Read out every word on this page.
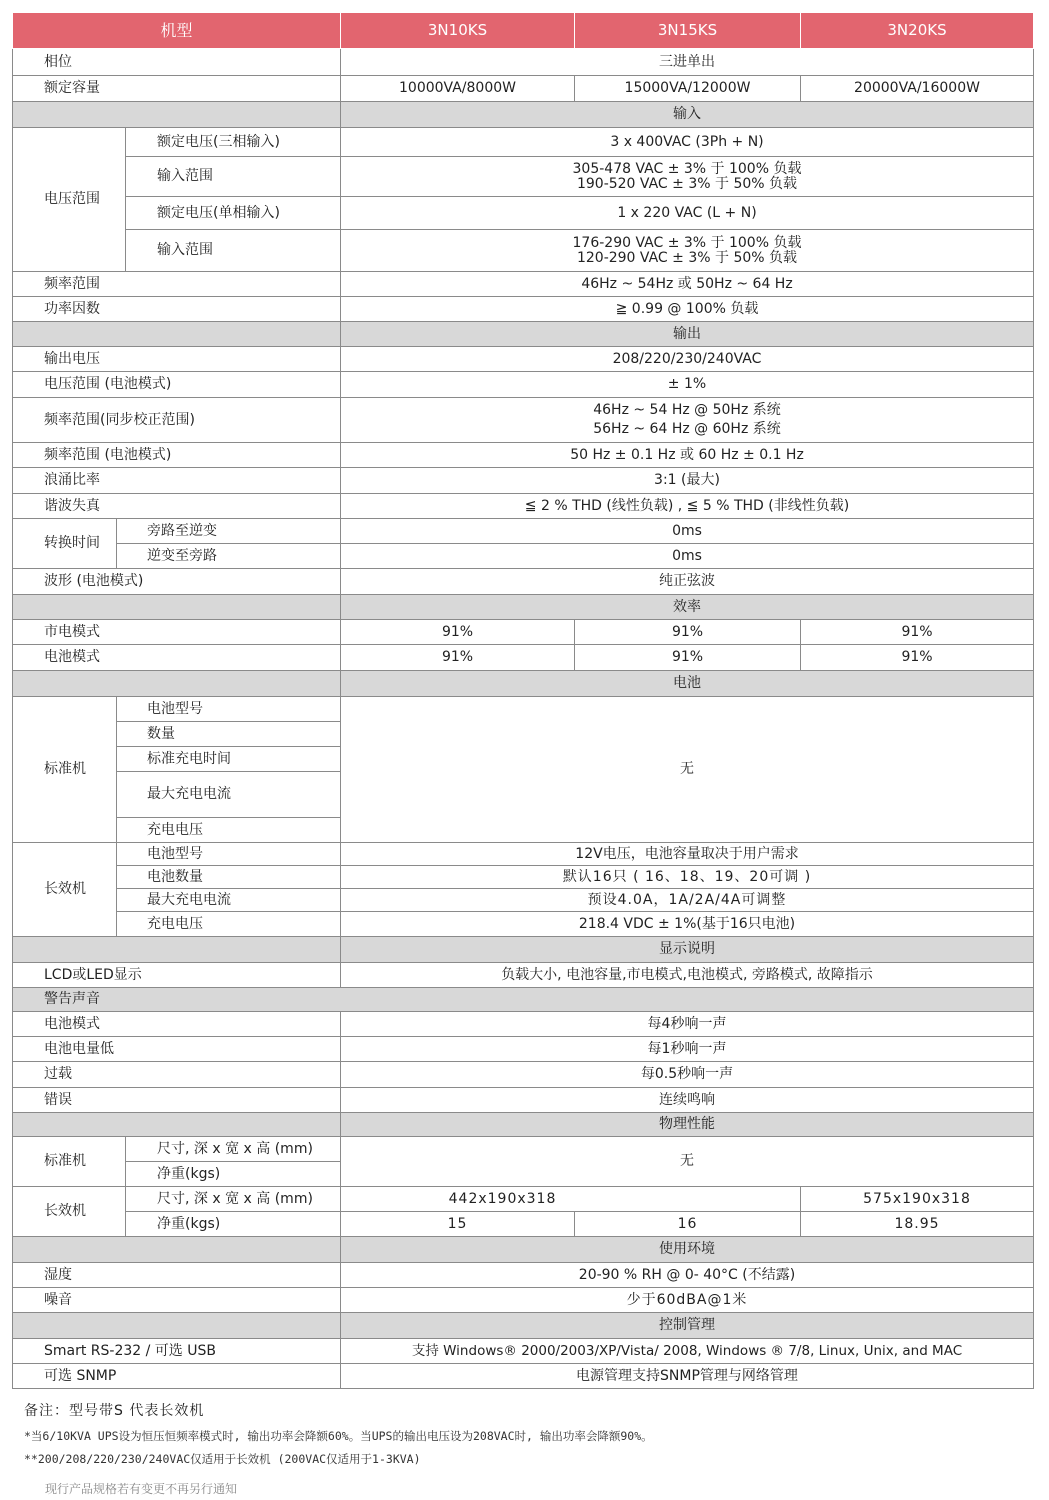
机型			3N10KS	3N15KS	3N20KS
相位			三进单出		
额定容量			10000VA/8000W	15000VA/12000W	20000VA/16000W
			输入		
电压范围		额定电压(三相输入)	3 x 400VAC (3Ph + N)		
		输入范围	305-478 VAC ± 3% 于 100% 负载
190-520 VAC ± 3% 于 50% 负载		

		额定电压(单相输入)	1 x 220 VAC (L + N)		
		输入范围	176-290 VAC ± 3% 于 100% 负载
120-290 VAC ± 3% 于 50% 负载		

频率范围			46Hz ~ 54Hz 或 50Hz ~ 64 Hz		
功率因数			≧ 0.99 @ 100% 负载		
			输出		
输出电压			208/220/230/240VAC		
电压范围 (电池模式)			± 1%		
频率范围(同步校正范围)			46Hz ~ 54 Hz @ 50Hz 系统
56Hz ~ 64 Hz @ 60Hz 系统		

频率范围 (电池模式)			50 Hz ± 0.1 Hz 或 60 Hz ± 0.1 Hz		
浪涌比率			3:1 (最大)		
谐波失真			≦ 2 % THD (线性负载) , ≦ 5 % THD (非线性负载)		
转换时间	旁路至逆变		0ms		
	逆变至旁路		0ms		
波形 (电池模式)			纯正弦波		
			效率		
市电模式			91%	91%	91%
电池模式			91%	91%	91%
			电池		
标准机	电池型号		无		
	数量				
	标准充电时间				
	最大充电电流				
	充电电压				
长效机	电池型号		12V电压，电池容量取决于用户需求		
	电池数量		默认16只 ( 16、18、19、20可调 )		
	最大充电电流		预设4.0A，1A/2A/4A可调整		
	充电电压		218.4 VDC ± 1%(基于16只电池)		
			显示说明		
LCD或LED显示			负载大小, 电池容量,市电模式,电池模式, 旁路模式, 故障指示		
警告声音					
电池模式			每4秒响一声		
电池电量低			每1秒响一声		
过载			每0.5秒响一声		
错误			连续鸣响		
			物理性能		
标准机		尺寸, 深 x 宽 x 高 (mm)	无		
		净重(kgs)			
长效机		尺寸, 深 x 宽 x 高 (mm)	442x190x318		575x190x318
		净重(kgs)	15	16	18.95
			使用环境		
湿度			20-90 % RH @ 0- 40°C (不结露)		
噪音			少于60dBA@1米		
			控制管理		
Smart RS-232 / 可选 USB			支持 Windows® 2000/2003/XP/Vista/ 2008, Windows ® 7/8, Linux, Unix, and MAC		
可选 SNMP			电源管理支持SNMP管理与网络管理		
备注：型号带S 代表长效机
*当6/10KVA UPS设为恒压恒频率模式时, 输出功率会降额60%。当UPS的输出电压设为208VAC时, 输出功率会降额90%。
**200/208/220/230/240VAC仅适用于长效机 (200VAC仅适用于1-3KVA)
现行产品规格若有变更不再另行通知
